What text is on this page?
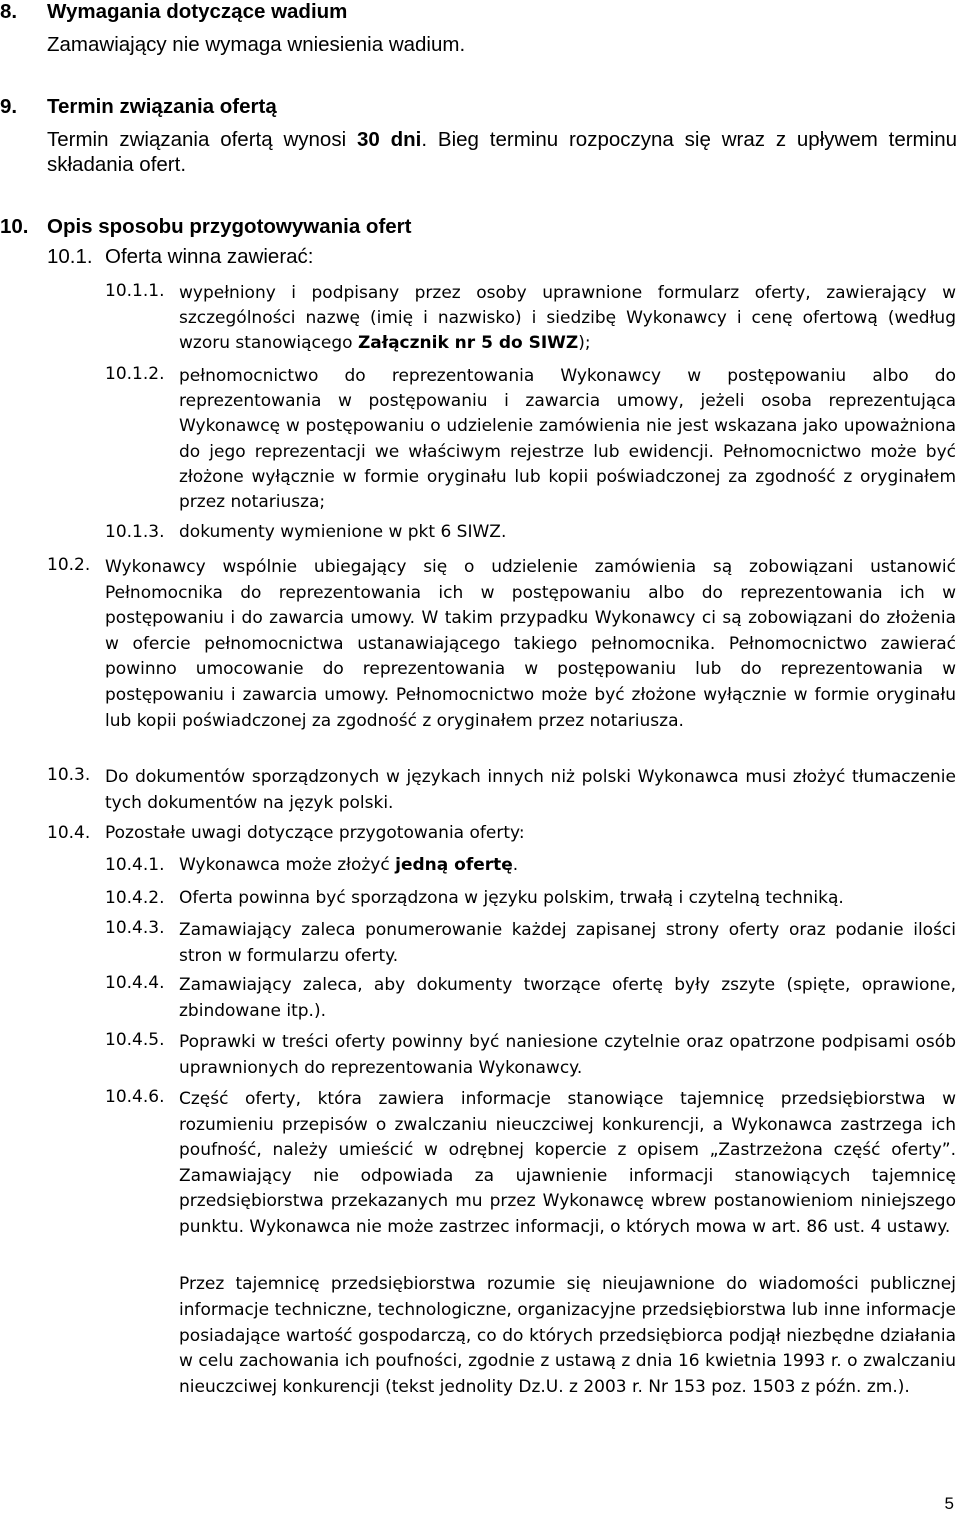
8. Wymagania dotyczące wadium
Zamawiający nie wymaga wniesienia wadium.
9. Termin związania ofertą
Termin związania ofertą wynosi 30 dni. Bieg terminu rozpoczyna się wraz z upływem terminu składania ofert.
10. Opis sposobu przygotowywania ofert
10.1. Oferta winna zawierać:
10.1.1. wypełniony i podpisany przez osoby uprawnione formularz oferty, zawierający w szczególności nazwę (imię i nazwisko) i siedzibę Wykonawcy i cenę ofertową (według wzoru stanowiącego Załącznik nr 5 do SIWZ);
10.1.2. pełnomocnictwo do reprezentowania Wykonawcy w postępowaniu albo do reprezentowania w postępowaniu i zawarcia umowy, jeżeli osoba reprezentująca Wykonawcę w postępowaniu o udzielenie zamówienia nie jest wskazana jako upoważniona do jego reprezentacji we właściwym rejestrze lub ewidencji. Pełnomocnictwo może być złożone wyłącznie w formie oryginału lub kopii poświadczonej za zgodność z oryginałem przez notariusza;
10.1.3. dokumenty wymienione w pkt 6 SIWZ.
10.2. Wykonawcy wspólnie ubiegający się o udzielenie zamówienia są zobowiązani ustanowić Pełnomocnika do reprezentowania ich w postępowaniu albo do reprezentowania ich w postępowaniu i do zawarcia umowy. W takim przypadku Wykonawcy ci są zobowiązani do złożenia w ofercie pełnomocnictwa ustanawiającego takiego pełnomocnika. Pełnomocnictwo zawierać powinno umocowanie do reprezentowania w postępowaniu lub do reprezentowania w postępowaniu i zawarcia umowy. Pełnomocnictwo może być złożone wyłącznie w formie oryginału lub kopii poświadczonej za zgodność z oryginałem przez notariusza.
10.3. Do dokumentów sporządzonych w językach innych niż polski Wykonawca musi złożyć tłumaczenie tych dokumentów na język polski.
10.4. Pozostałe uwagi dotyczące przygotowania oferty:
10.4.1. Wykonawca może złożyć jedną ofertę.
10.4.2. Oferta powinna być sporządzona w języku polskim, trwałą i czytelną techniką.
10.4.3. Zamawiający zaleca ponumerowanie każdej zapisanej strony oferty oraz podanie ilości stron w formularzu oferty.
10.4.4. Zamawiający zaleca, aby dokumenty tworzące ofertę były zszyte (spięte, oprawione, zbindowane itp.).
10.4.5. Poprawki w treści oferty powinny być naniesione czytelnie oraz opatrzone podpisami osób uprawnionych do reprezentowania Wykonawcy.
10.4.6. Część oferty, która zawiera informacje stanowiące tajemnicę przedsiębiorstwa w rozumieniu przepisów o zwalczaniu nieuczciwej konkurencji, a Wykonawca zastrzega ich poufność, należy umieścić w odrębnej kopercie z opisem „Zastrzeżona część oferty”. Zamawiający nie odpowiada za ujawnienie informacji stanowiących tajemnicę przedsiębiorstwa przekazanych mu przez Wykonawcę wbrew postanowieniom niniejszego punktu. Wykonawca nie może zastrzec informacji, o których mowa w art. 86 ust. 4 ustawy.
Przez tajemnicę przedsiębiorstwa rozumie się nieujawnione do wiadomości publicznej informacje techniczne, technologiczne, organizacyjne przedsiębiorstwa lub inne informacje posiadające wartość gospodarczą, co do których przedsiębiorca podjął niezbędne działania w celu zachowania ich poufności, zgodnie z ustawą z dnia 16 kwietnia 1993 r. o zwalczaniu nieuczciwej konkurencji (tekst jednolity Dz.U. z 2003 r. Nr 153 poz. 1503 z późn. zm.).
5
